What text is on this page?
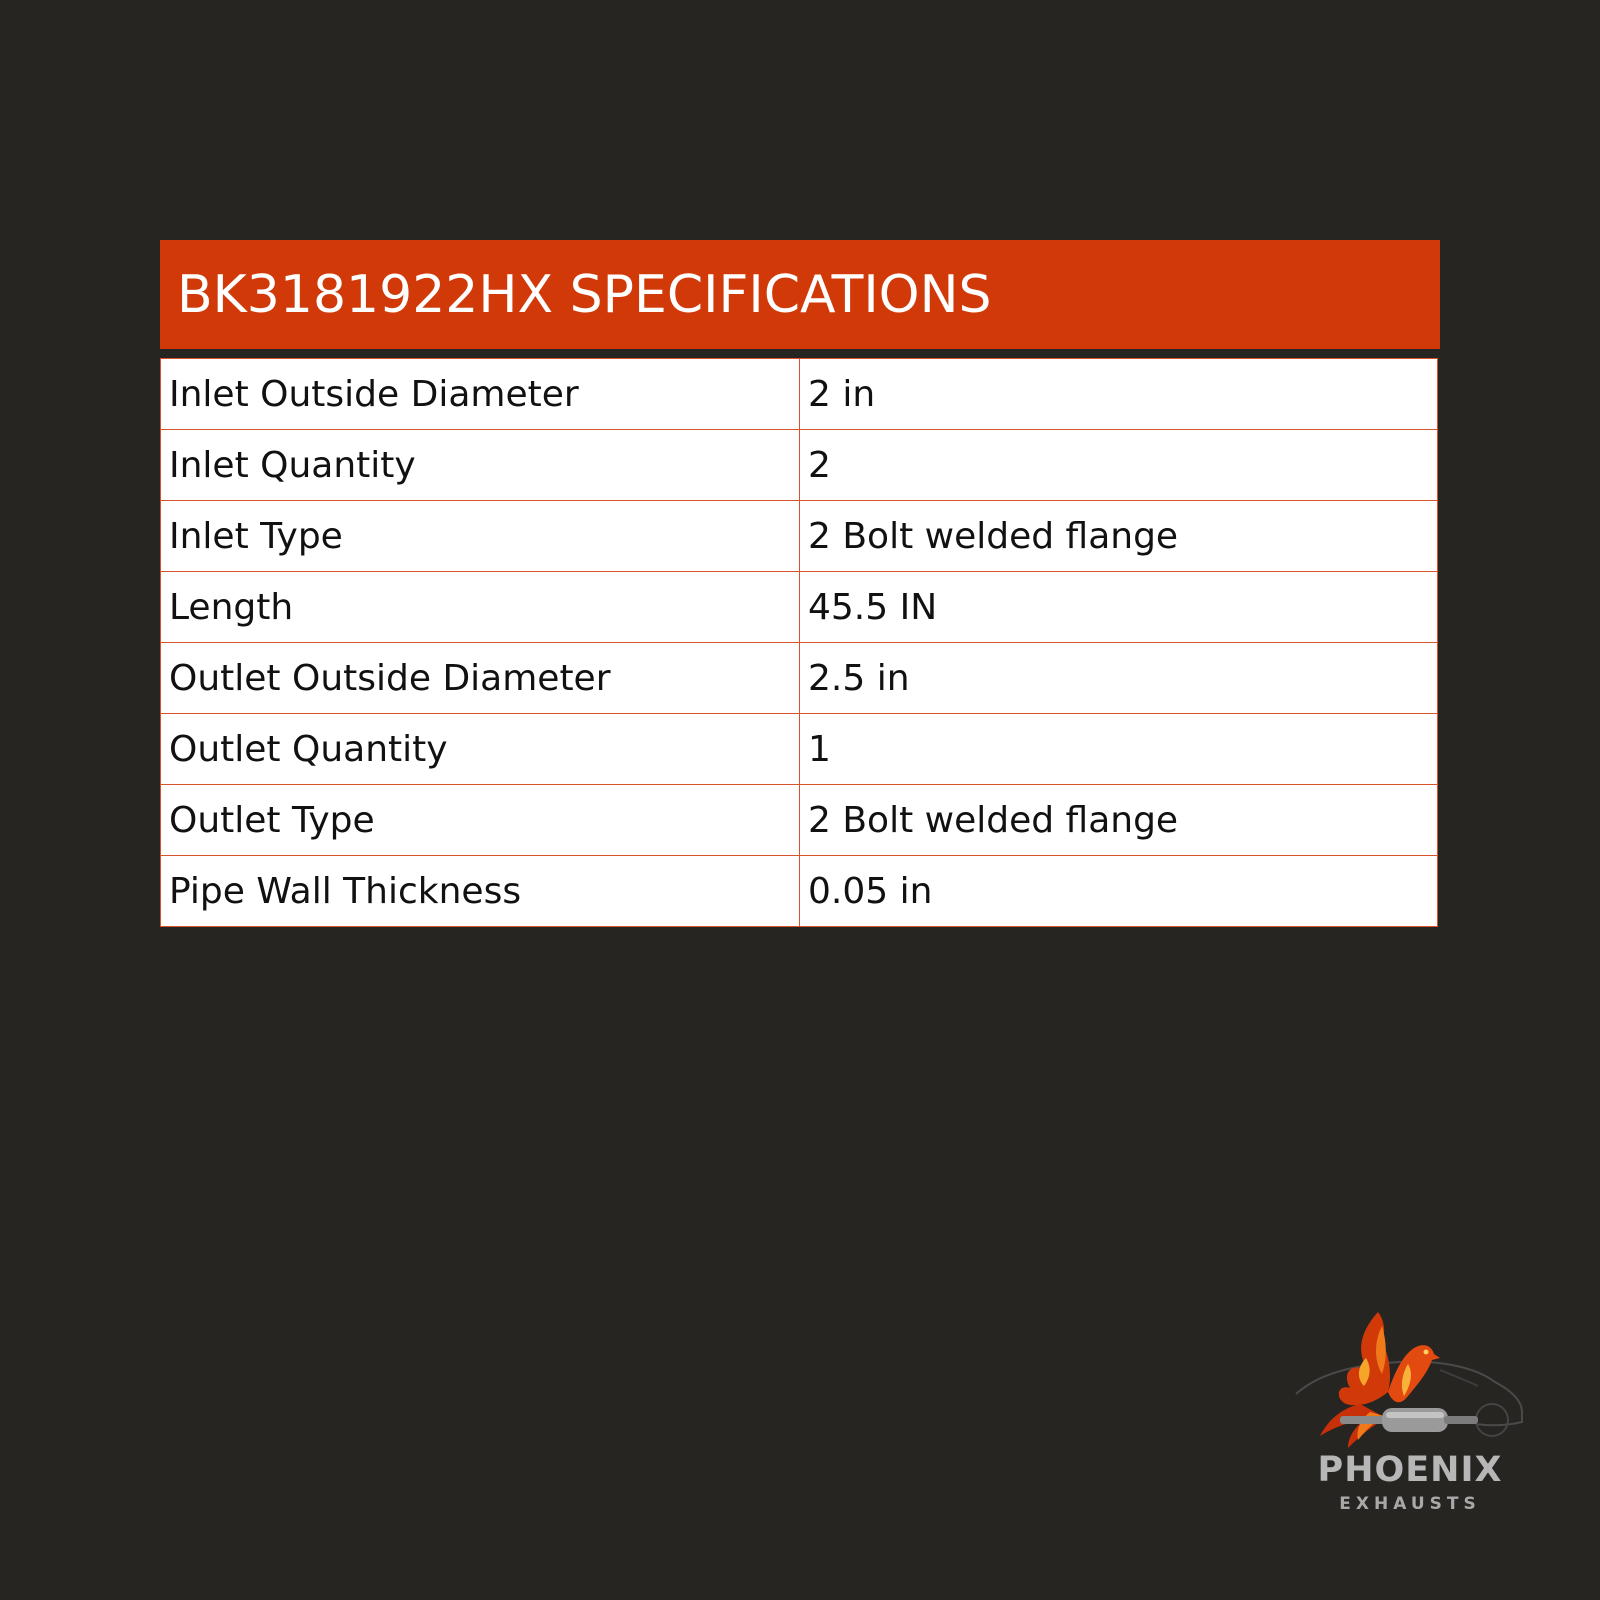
BK3181922HX SPECIFICATIONS
Inlet Outside Diameter	2 in
Inlet Quantity	2
Inlet Type	2 Bolt welded flange
Length	45.5 IN
Outlet Outside Diameter	2.5 in
Outlet Quantity	1
Outlet Type	2 Bolt welded flange
Pipe Wall Thickness	0.05 in
PHOENIX
EXHAUSTS
